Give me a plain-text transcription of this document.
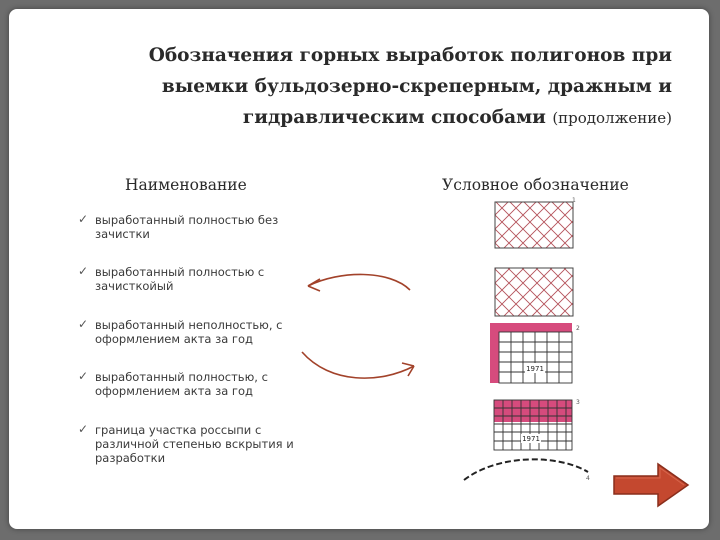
Обозначения горных выработок полигонов при выемки бульдозерно-скреперным, дражным и гидравлическим способами (продолжение)
Наименование	Условное обозначение
✓ выработанный полностью без зачистки
✓ выработанный полностью с зачисткойый
✓ выработанный неполностью, с оформлением акта за год
✓ выработанный полностью, с оформлением акта за год
✓ граница участка россыпи с различной степенью вскрытия и разработки
1
1971
2
1971
3
4
